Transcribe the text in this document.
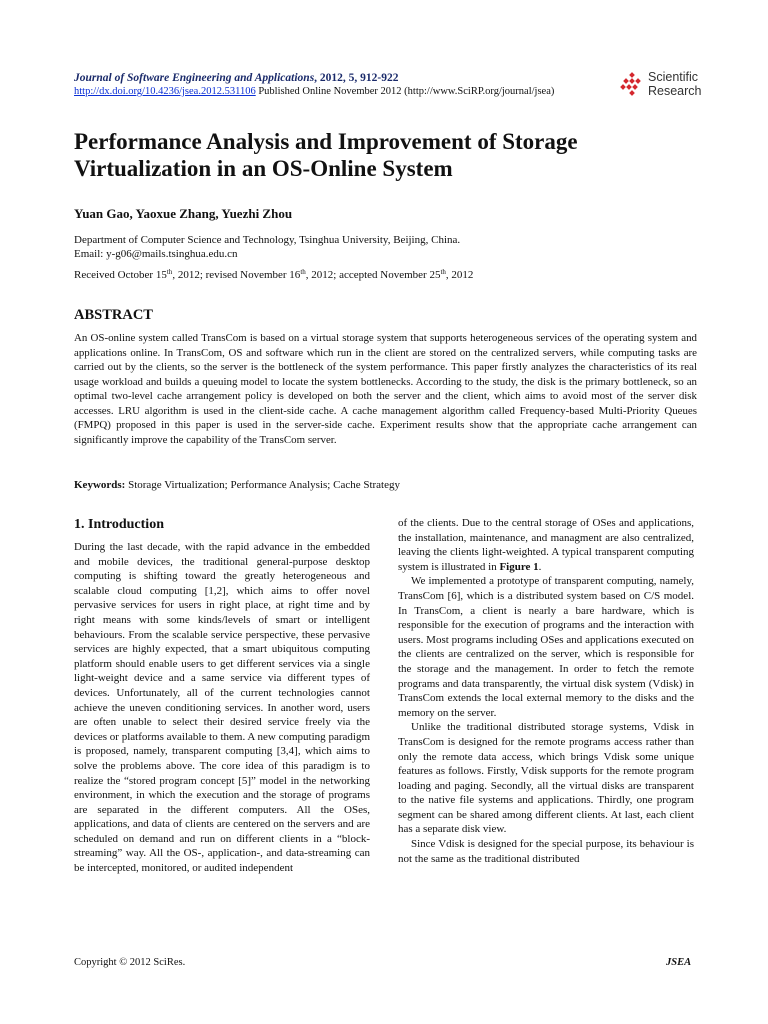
Journal of Software Engineering and Applications, 2012, 5, 912-922
http://dx.doi.org/10.4236/jsea.2012.531106 Published Online November 2012 (http://www.SciRP.org/journal/jsea)
Scientific
Research
Performance Analysis and Improvement of Storage Virtualization in an OS-Online System
Yuan Gao, Yaoxue Zhang, Yuezhi Zhou
Department of Computer Science and Technology, Tsinghua University, Beijing, China.
Email: y-g06@mails.tsinghua.edu.cn
Received October 15th, 2012; revised November 16th, 2012; accepted November 25th, 2012
ABSTRACT

An OS-online system called TransCom is based on a virtual storage system that supports heterogeneous services of the operating system and applications online. In TransCom, OS and software which run in the client are stored on the centralized servers, while computing tasks are carried out by the clients, so the server is the bottleneck of the system performance. This paper firstly analyzes the characteristics of its real usage workload and builds a queuing model to locate the system bottlenecks. According to the study, the disk is the primary bottleneck, so an optimal two-level cache arrangement policy is developed on both the server and the client, which aims to avoid most of the server disk accesses. LRU algorithm is used in the client-side cache. A cache management algorithm called Frequency-based Multi-Priority Queues (FMPQ) proposed in this paper is used in the server-side cache. Experiment results show that the appropriate cache arrangement can significantly improve the capability of the TransCom server.

Keywords: Storage Virtualization; Performance Analysis; Cache Strategy
1. Introduction

During the last decade, with the rapid advance in the embedded and mobile devices, the traditional general-purpose desktop computing is shifting toward the greatly heterogeneous and scalable cloud computing [1,2], which aims to offer novel pervasive services for users in right place, at right time and by right means with some kinds/levels of smart or intelligent behaviours. From the scalable service perspective, these pervasive services are highly expected, that a smart ubiquitous computing platform should enable users to get different services via a single light-weight device and a same service via different types of devices. Unfortunately, all of the current technologies cannot achieve the uneven conditioning services. In another word, users are often unable to select their desired service freely via the devices or platforms available to them. A new computing paradigm is proposed, namely, transparent computing [3,4], which aims to solve the problems above. The core idea of this paradigm is to realize the “stored program concept [5]” model in the networking environment, in which the execution and the storage of programs are separated in the different computers. All the OSes, applications, and data of clients are centered on the servers and are scheduled on demand and run on different clients in a “block-streaming” way. All the OS-, application-, and data-streaming can be intercepted, monitored, or audited independent

of the clients. Due to the central storage of OSes and applications, the installation, maintenance, and managment are also centralized, leaving the clients light-weighted. A typical transparent computing system is illustrated in Figure 1.

We implemented a prototype of transparent computing, namely, TransCom [6], which is a distributed system based on C/S model. In TransCom, a client is nearly a bare hardware, which is responsible for the execution of programs and the interaction with users. Most programs including OSes and applications executed on the clients are centralized on the server, which is responsible for the storage and the management. In order to fetch the remote programs and data transparently, the virtual disk system (Vdisk) in TransCom extends the local external memory to the disks and the memory on the server.

Unlike the traditional distributed storage systems, Vdisk in TransCom is designed for the remote programs access rather than only the remote data access, which brings Vdisk some unique features as follows. Firstly, Vdisk supports for the remote program loading and paging. Secondly, all the virtual disks are transparent to the native file systems and applications. Thirdly, one program segment can be shared among different clients. At last, each client has a separate disk view.

Since Vdisk is designed for the special purpose, its behaviour is not the same as the traditional distributed

Copyright © 2012 SciRes.	JSEA
